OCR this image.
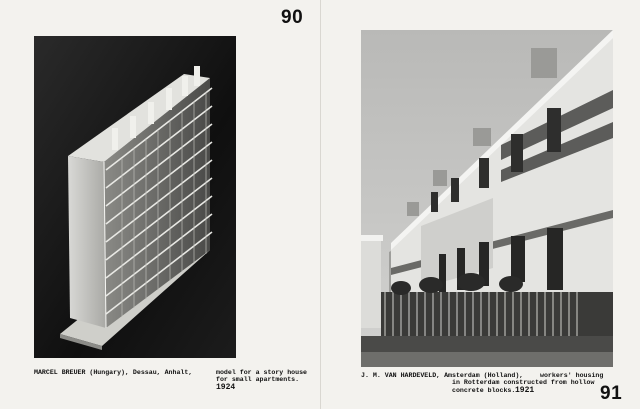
90
91
MARCEL BREUER (Hungary), Dessau, Anhalt,	model for a story house
for small apartments.
1924
J. M. VAN HARDEVELD, Amsterdam (Holland),	workers' housing
in Rotterdam constructed from hollow
concrete blocks. 1921
